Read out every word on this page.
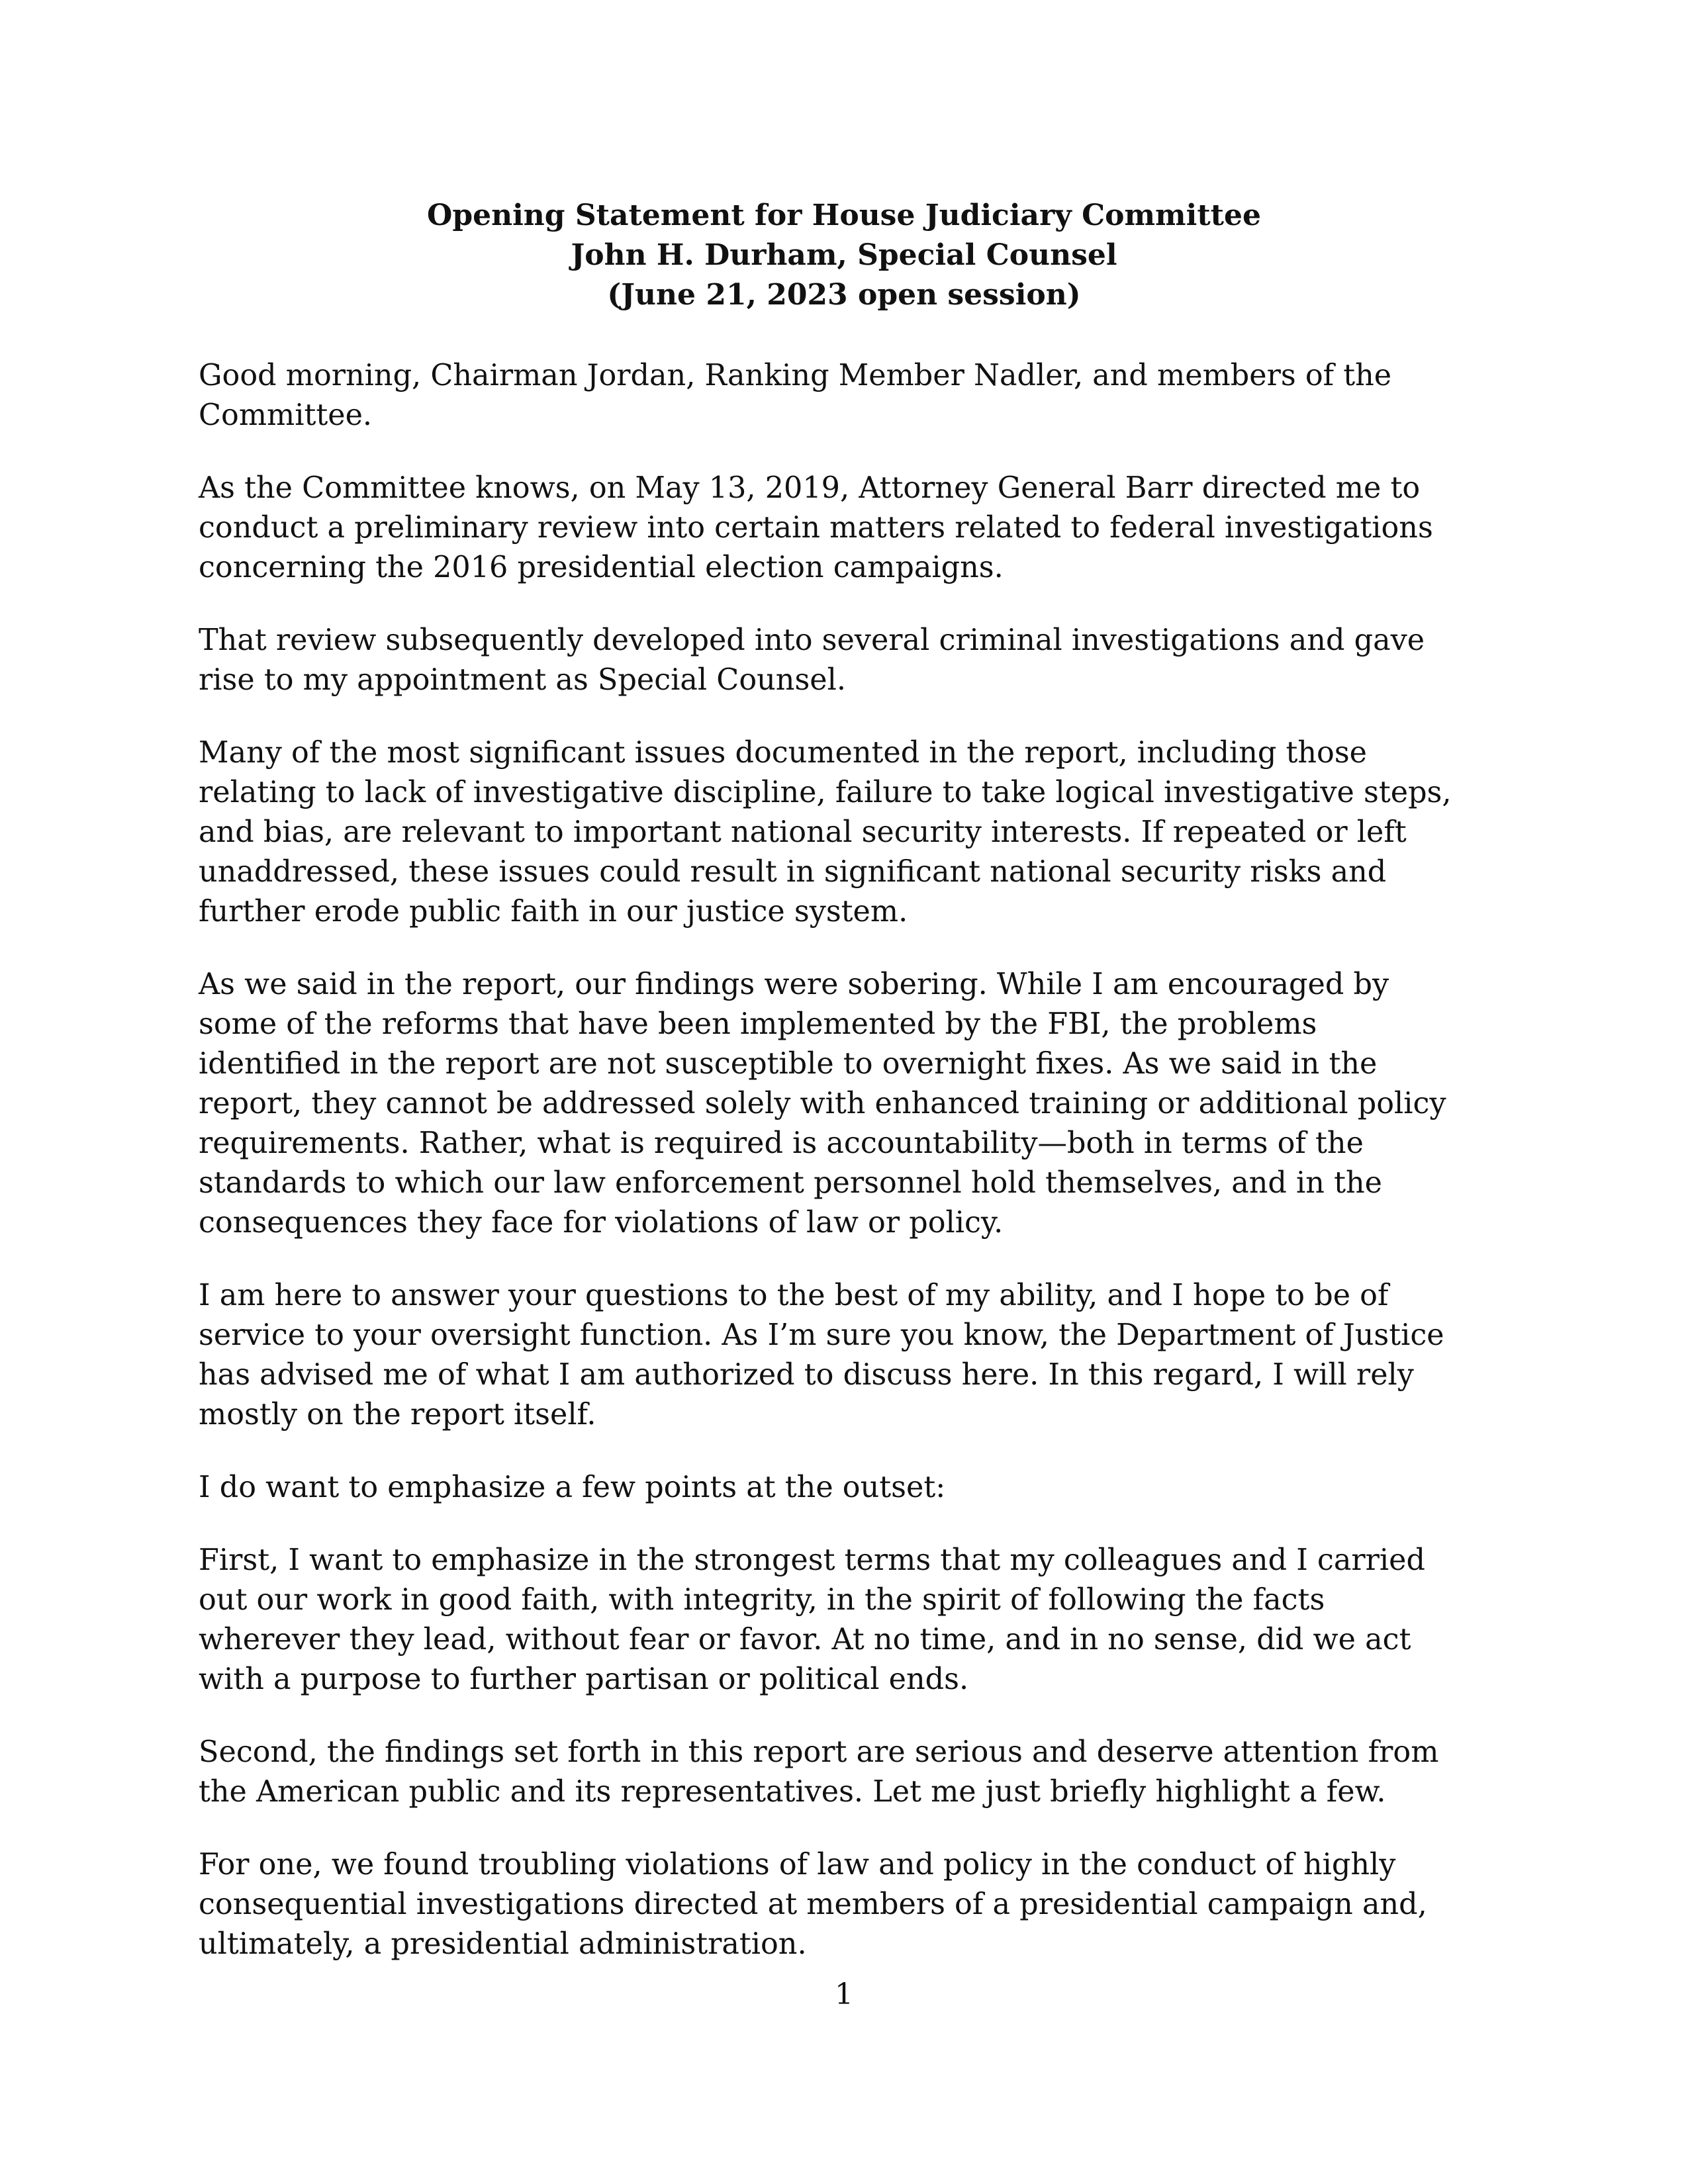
Opening Statement for House Judiciary Committee
John H. Durham, Special Counsel
(June 21, 2023 open session)
Good morning, Chairman Jordan, Ranking Member Nadler, and members of the
Committee.
As the Committee knows, on May 13, 2019, Attorney General Barr directed me to
conduct a preliminary review into certain matters related to federal investigations
concerning the 2016 presidential election campaigns.
That review subsequently developed into several criminal investigations and gave
rise to my appointment as Special Counsel.
Many of the most significant issues documented in the report, including those
relating to lack of investigative discipline, failure to take logical investigative steps,
and bias, are relevant to important national security interests. If repeated or left
unaddressed, these issues could result in significant national security risks and
further erode public faith in our justice system.
As we said in the report, our findings were sobering. While I am encouraged by
some of the reforms that have been implemented by the FBI, the problems
identified in the report are not susceptible to overnight fixes. As we said in the
report, they cannot be addressed solely with enhanced training or additional policy
requirements. Rather, what is required is accountability—both in terms of the
standards to which our law enforcement personnel hold themselves, and in the
consequences they face for violations of law or policy.
I am here to answer your questions to the best of my ability, and I hope to be of
service to your oversight function. As I’m sure you know, the Department of Justice
has advised me of what I am authorized to discuss here. In this regard, I will rely
mostly on the report itself.
I do want to emphasize a few points at the outset:
First, I want to emphasize in the strongest terms that my colleagues and I carried
out our work in good faith, with integrity, in the spirit of following the facts
wherever they lead, without fear or favor. At no time, and in no sense, did we act
with a purpose to further partisan or political ends.
Second, the findings set forth in this report are serious and deserve attention from
the American public and its representatives. Let me just briefly highlight a few.
For one, we found troubling violations of law and policy in the conduct of highly
consequential investigations directed at members of a presidential campaign and,
ultimately, a presidential administration.
1
